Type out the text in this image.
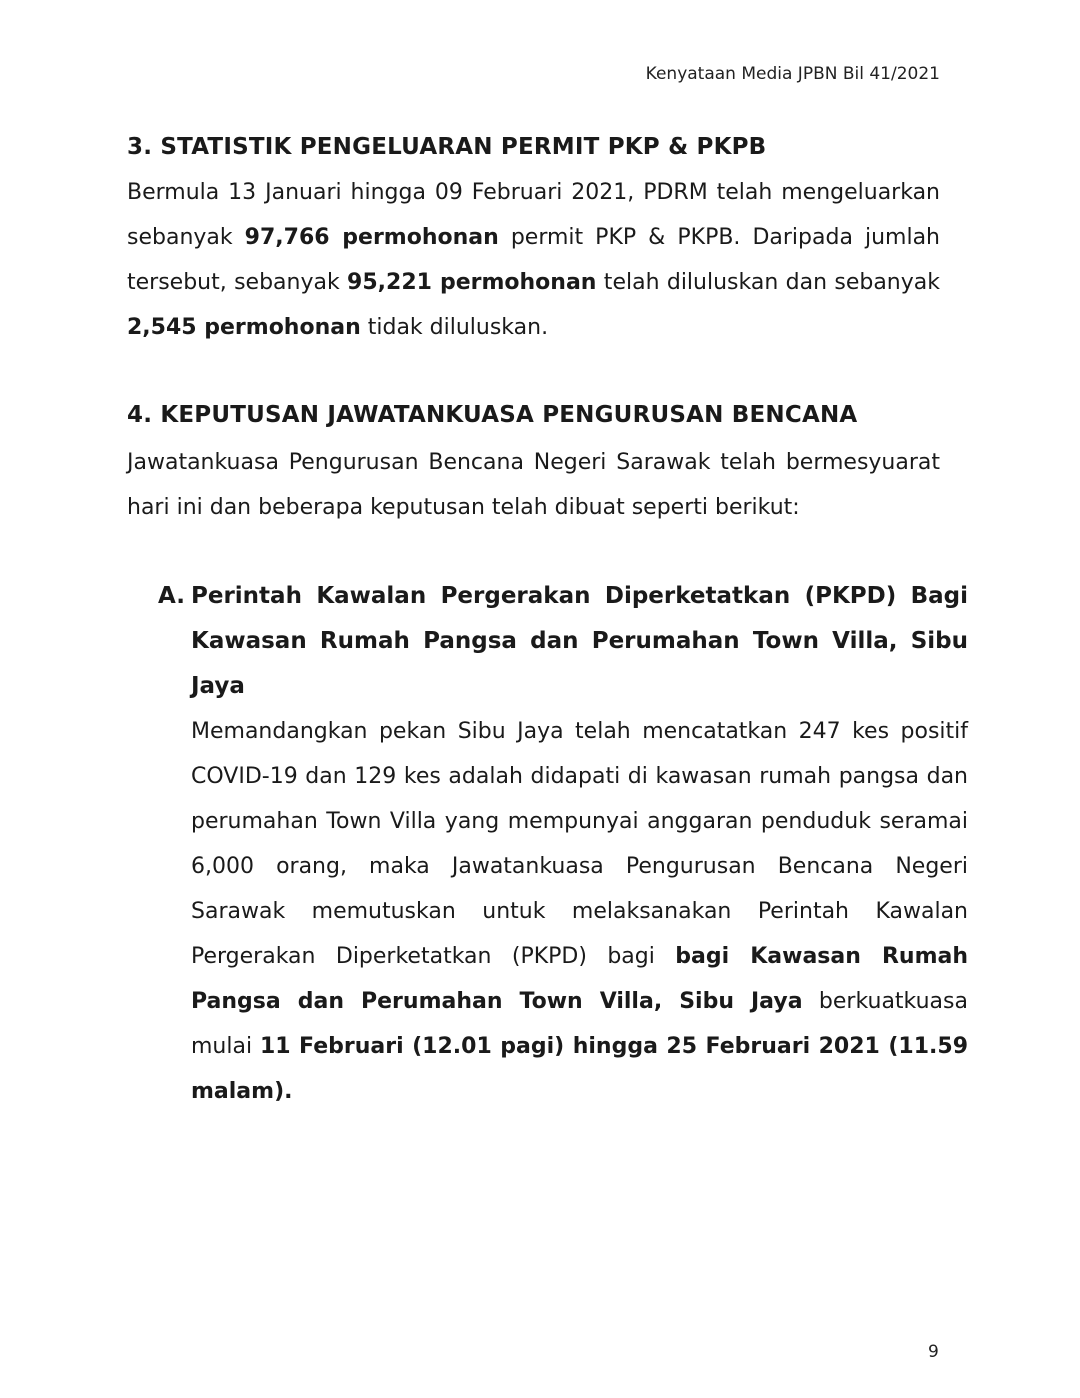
Kenyataan Media JPBN Bil 41/2021
3. STATISTIK PENGELUARAN PERMIT PKP & PKPB

Bermula 13 Januari hingga 09 Februari 2021, PDRM telah mengeluarkan sebanyak 97,766 permohonan permit PKP & PKPB. Daripada jumlah tersebut, sebanyak 95,221 permohonan telah diluluskan dan sebanyak 2,545 permohonan tidak diluluskan.

4. KEPUTUSAN JAWATANKUASA PENGURUSAN BENCANA

Jawatankuasa Pengurusan Bencana Negeri Sarawak telah bermesyuarat hari ini dan beberapa keputusan telah dibuat seperti berikut:

A. Perintah Kawalan Pergerakan Diperketatkan (PKPD) Bagi Kawasan Rumah Pangsa dan Perumahan Town Villa, Sibu Jaya

Memandangkan pekan Sibu Jaya telah mencatatkan 247 kes positif COVID-19 dan 129 kes adalah didapati di kawasan rumah pangsa dan perumahan Town Villa yang mempunyai anggaran penduduk seramai 6,000 orang, maka Jawatankuasa Pengurusan Bencana Negeri Sarawak memutuskan untuk melaksanakan Perintah Kawalan Pergerakan Diperketatkan (PKPD) bagi bagi Kawasan Rumah Pangsa dan Perumahan Town Villa, Sibu Jaya berkuatkuasa mulai 11 Februari (12.01 pagi) hingga 25 Februari 2021 (11.59 malam).

9
